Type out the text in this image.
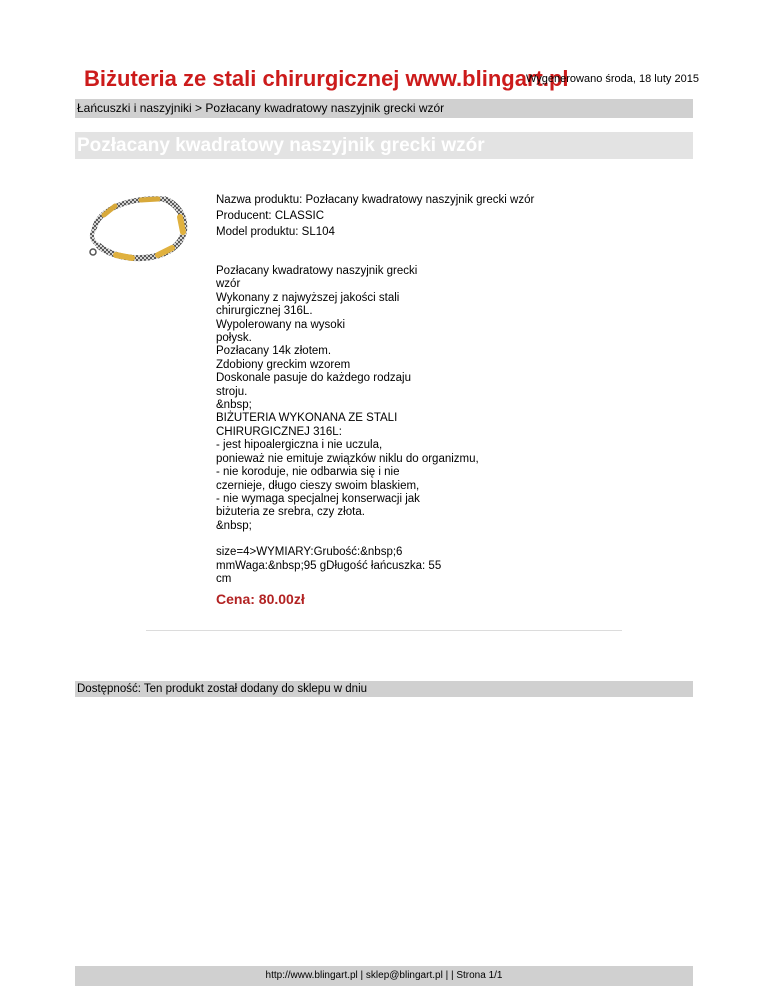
Biżuteria ze stali chirurgicznej www.blingart.pl
Wygenerowano środa, 18 luty 2015
Łańcuszki i naszyjniki > Pozłacany kwadratowy naszyjnik grecki wzór
Pozłacany kwadratowy naszyjnik grecki wzór

Nazwa produktu: Pozłacany kwadratowy naszyjnik grecki wzór

Producent: CLASSIC

Model produktu: SL104

Pozłacany kwadratowy naszyjnik grecki
wzór
Wykonany z najwyższej jakości stali
chirurgicznej 316L.
Wypolerowany na wysoki
połysk.
Pozłacany 14k złotem.
Zdobiony greckim wzorem
Doskonale pasuje do każdego rodzaju
stroju.
&nbsp;
BIŻUTERIA WYKONANA ZE STALI
CHIRURGICZNEJ 316L:
- jest hipoalergiczna i nie uczula,
ponieważ nie emituje związków niklu do organizmu,
- nie koroduje, nie odbarwia się i nie
czernieje, długo cieszy swoim blaskiem,
- nie wymaga specjalnej konserwacji jak
biżuteria ze srebra, czy złota.
&nbsp;
size=4>WYMIARY:Grubość:&nbsp;6
mmWaga:&nbsp;95 gDługość łańcuszka: 55
cm
Cena: 80.00zł
Dostępność: Ten produkt został dodany do sklepu w dniu
http://www.blingart.pl | sklep@blingart.pl | | Strona 1/1
